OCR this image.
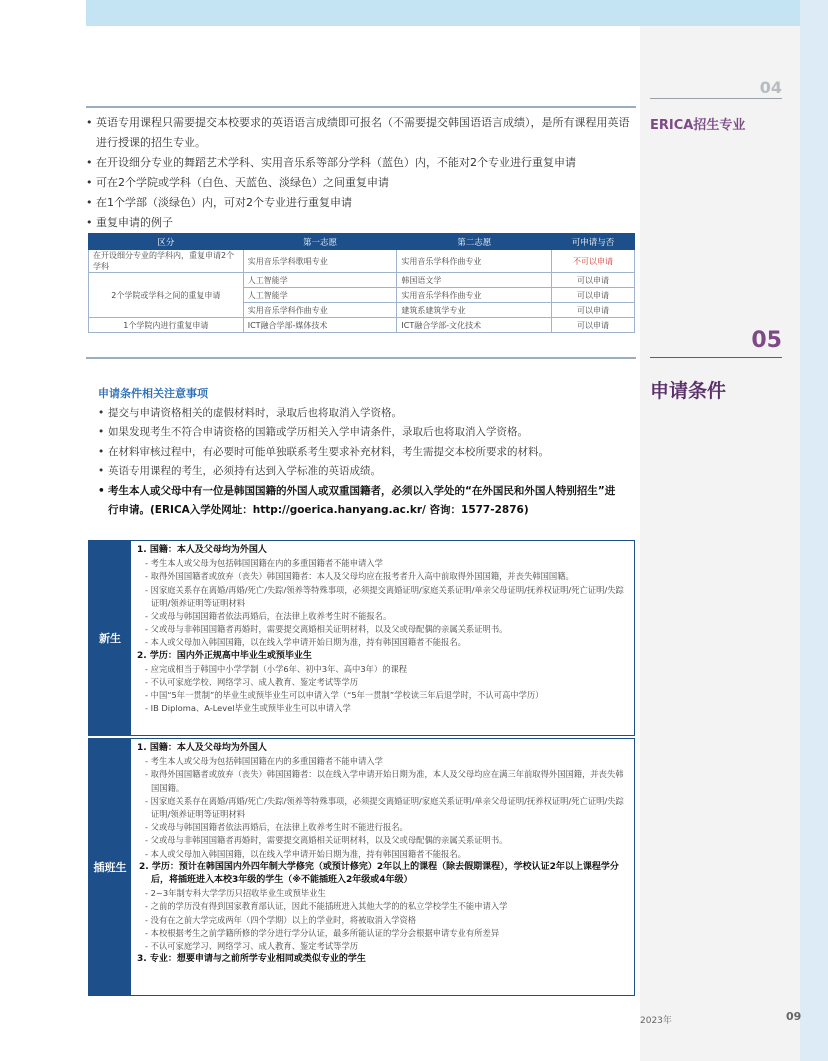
04
ERICA招生专业
05
申请条件
• 英语专用课程只需要提交本校要求的英语语言成绩即可报名（不需要提交韩国语语言成绩），是所有课程用英语进行授课的招生专业。
• 在开设细分专业的舞蹈艺术学科、实用音乐系等部分学科（蓝色）内，不能对2个专业进行重复申请
• 可在2个学院或学科（白色、天蓝色、淡绿色）之间重复申请
• 在1个学部（淡绿色）内，可对2个专业进行重复申请
• 重复申请的例子
区分	第一志愿	第二志愿	可申请与否
在开设细分专业的学科内，重复申请2个学科	实用音乐学科歌唱专业	实用音乐学科作曲专业	不可以申请
2个学院或学科之间的重复申请	人工智能学	韩国语文学	可以申请
	人工智能学	实用音乐学科作曲专业	可以申请
	实用音乐学科作曲专业	建筑系建筑学专业	可以申请
1个学院内进行重复申请	ICT融合学部-媒体技术	ICT融合学部-文化技术	可以申请
申请条件相关注意事项
• 提交与申请资格相关的虚假材料时，录取后也将取消入学资格。
• 如果发现考生不符合申请资格的国籍或学历相关入学申请条件，录取后也将取消入学资格。
• 在材料审核过程中，有必要时可能单独联系考生要求补充材料，考生需提交本校所要求的材料。
• 英语专用课程的考生，必须持有达到入学标准的英语成绩。
• 考生本人或父母中有一位是韩国国籍的外国人或双重国籍者，必须以入学处的“在外国民和外国人特别招生”进行申请。(ERICA入学处网址：http://goerica.hanyang.ac.kr/ 咨询：1577-2876)
新生
1. 国籍：本人及父母均为外国人
- 考生本人或父母为包括韩国国籍在内的多重国籍者不能申请入学
- 取得外国国籍者或放弃（丧失）韩国国籍者：本人及父母均应在报考者升入高中前取得外国国籍，并丧失韩国国籍。
- 因家庭关系存在离婚/再婚/死亡/失踪/领养等特殊事项，必须提交离婚证明/家庭关系证明/单亲父母证明/抚养权证明/死亡证明/失踪证明/领养证明等证明材料
- 父或母与韩国国籍者依法再婚后，在法律上收养考生时不能报名。
- 父或母与非韩国国籍者再婚时，需要提交离婚相关证明材料，以及父或母配偶的亲属关系证明书。
- 本人或父母加入韩国国籍，以在线入学申请开始日期为准，持有韩国国籍者不能报名。
2. 学历：国内外正规高中毕业生或预毕业生
- 应完成相当于韩国中小学学制（小学6年、初中3年、高中3年）的课程
- 不认可家庭学校、网络学习、成人教育、鉴定考试等学历
- 中国“5年一贯制”的毕业生或预毕业生可以申请入学（“5年一贯制”学校读三年后退学时，不认可高中学历）
- IB Diploma、A-Level毕业生或预毕业生可以申请入学
插班生
1. 国籍：本人及父母均为外国人
- 考生本人或父母为包括韩国国籍在内的多重国籍者不能申请入学
- 取得外国国籍者或放弃（丧失）韩国国籍者：以在线入学申请开始日期为准，本人及父母均应在满三年前取得外国国籍，并丧失韩国国籍。
- 因家庭关系存在离婚/再婚/死亡/失踪/领养等特殊事项，必须提交离婚证明/家庭关系证明/单亲父母证明/抚养权证明/死亡证明/失踪证明/领养证明等证明材料
- 父或母与韩国国籍者依法再婚后，在法律上收养考生时不能进行报名。
- 父或母与非韩国国籍者再婚时，需要提交离婚相关证明材料，以及父或母配偶的亲属关系证明书。
- 本人或父母加入韩国国籍，以在线入学申请开始日期为准，持有韩国国籍者不能报名。
2. 学历：预计在韩国国内外四年制大学修完（或预计修完）2年以上的课程（除去假期课程），学校认证2年以上课程学分后，将插班进入本校3年级的学生（※不能插班入2年级或4年级）
- 2~3年制专科大学学历只招收毕业生或预毕业生
- 之前的学历没有得到国家教育部认证，因此不能插班进入其他大学的的私立学校学生不能申请入学
- 没有在之前大学完成两年（四个学期）以上的学业时，将被取消入学资格
- 本校根据考生之前学籍所修的学分进行学分认证，最多所能认证的学分会根据申请专业有所差异
- 不认可家庭学习、网络学习、成人教育、鉴定考试等学历
3. 专业：想要申请与之前所学专业相同或类似专业的学生
2023年	09
